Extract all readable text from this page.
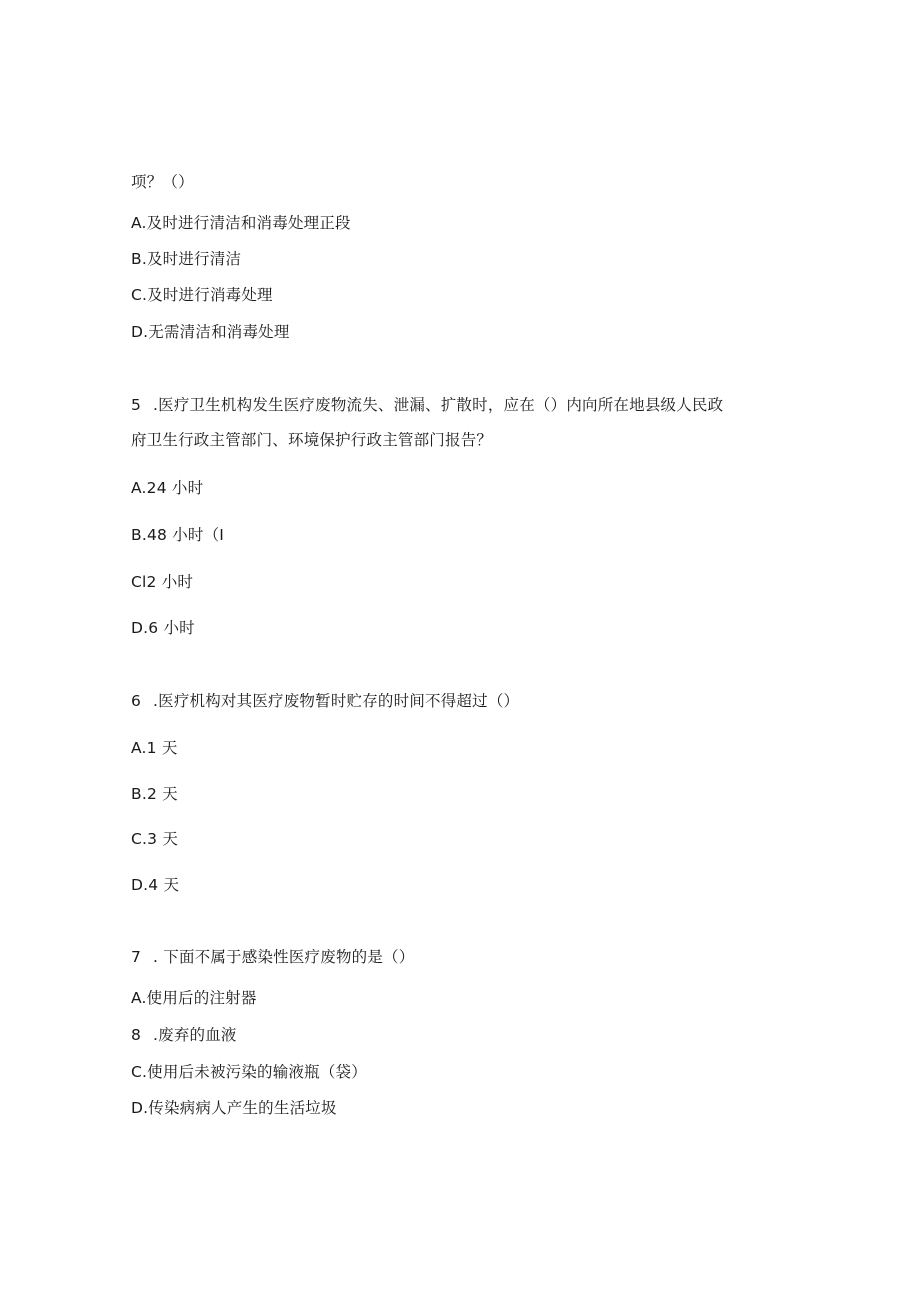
项？（）
A.及时进行清洁和消毒处理正段
B.及时进行清洁
C.及时进行消毒处理
D.无需清洁和消毒处理
5 .医疗卫生机构发生医疗废物流失、泄漏、扩散时，应在（）内向所在地县级人民政
府卫生行政主管部门、环境保护行政主管部门报告？
A.24 小时
B.48 小时（I
Cl2 小时
D.6 小时
6 .医疗机构对其医疗废物暂时贮存的时间不得超过（）
A.1 天
B.2 天
C.3 天
D.4 天
7 . 下面不属于感染性医疗废物的是（）
A.使用后的注射器
8 .废弃的血液
C.使用后未被污染的输液瓶（袋）
D.传染病病人产生的生活垃圾
